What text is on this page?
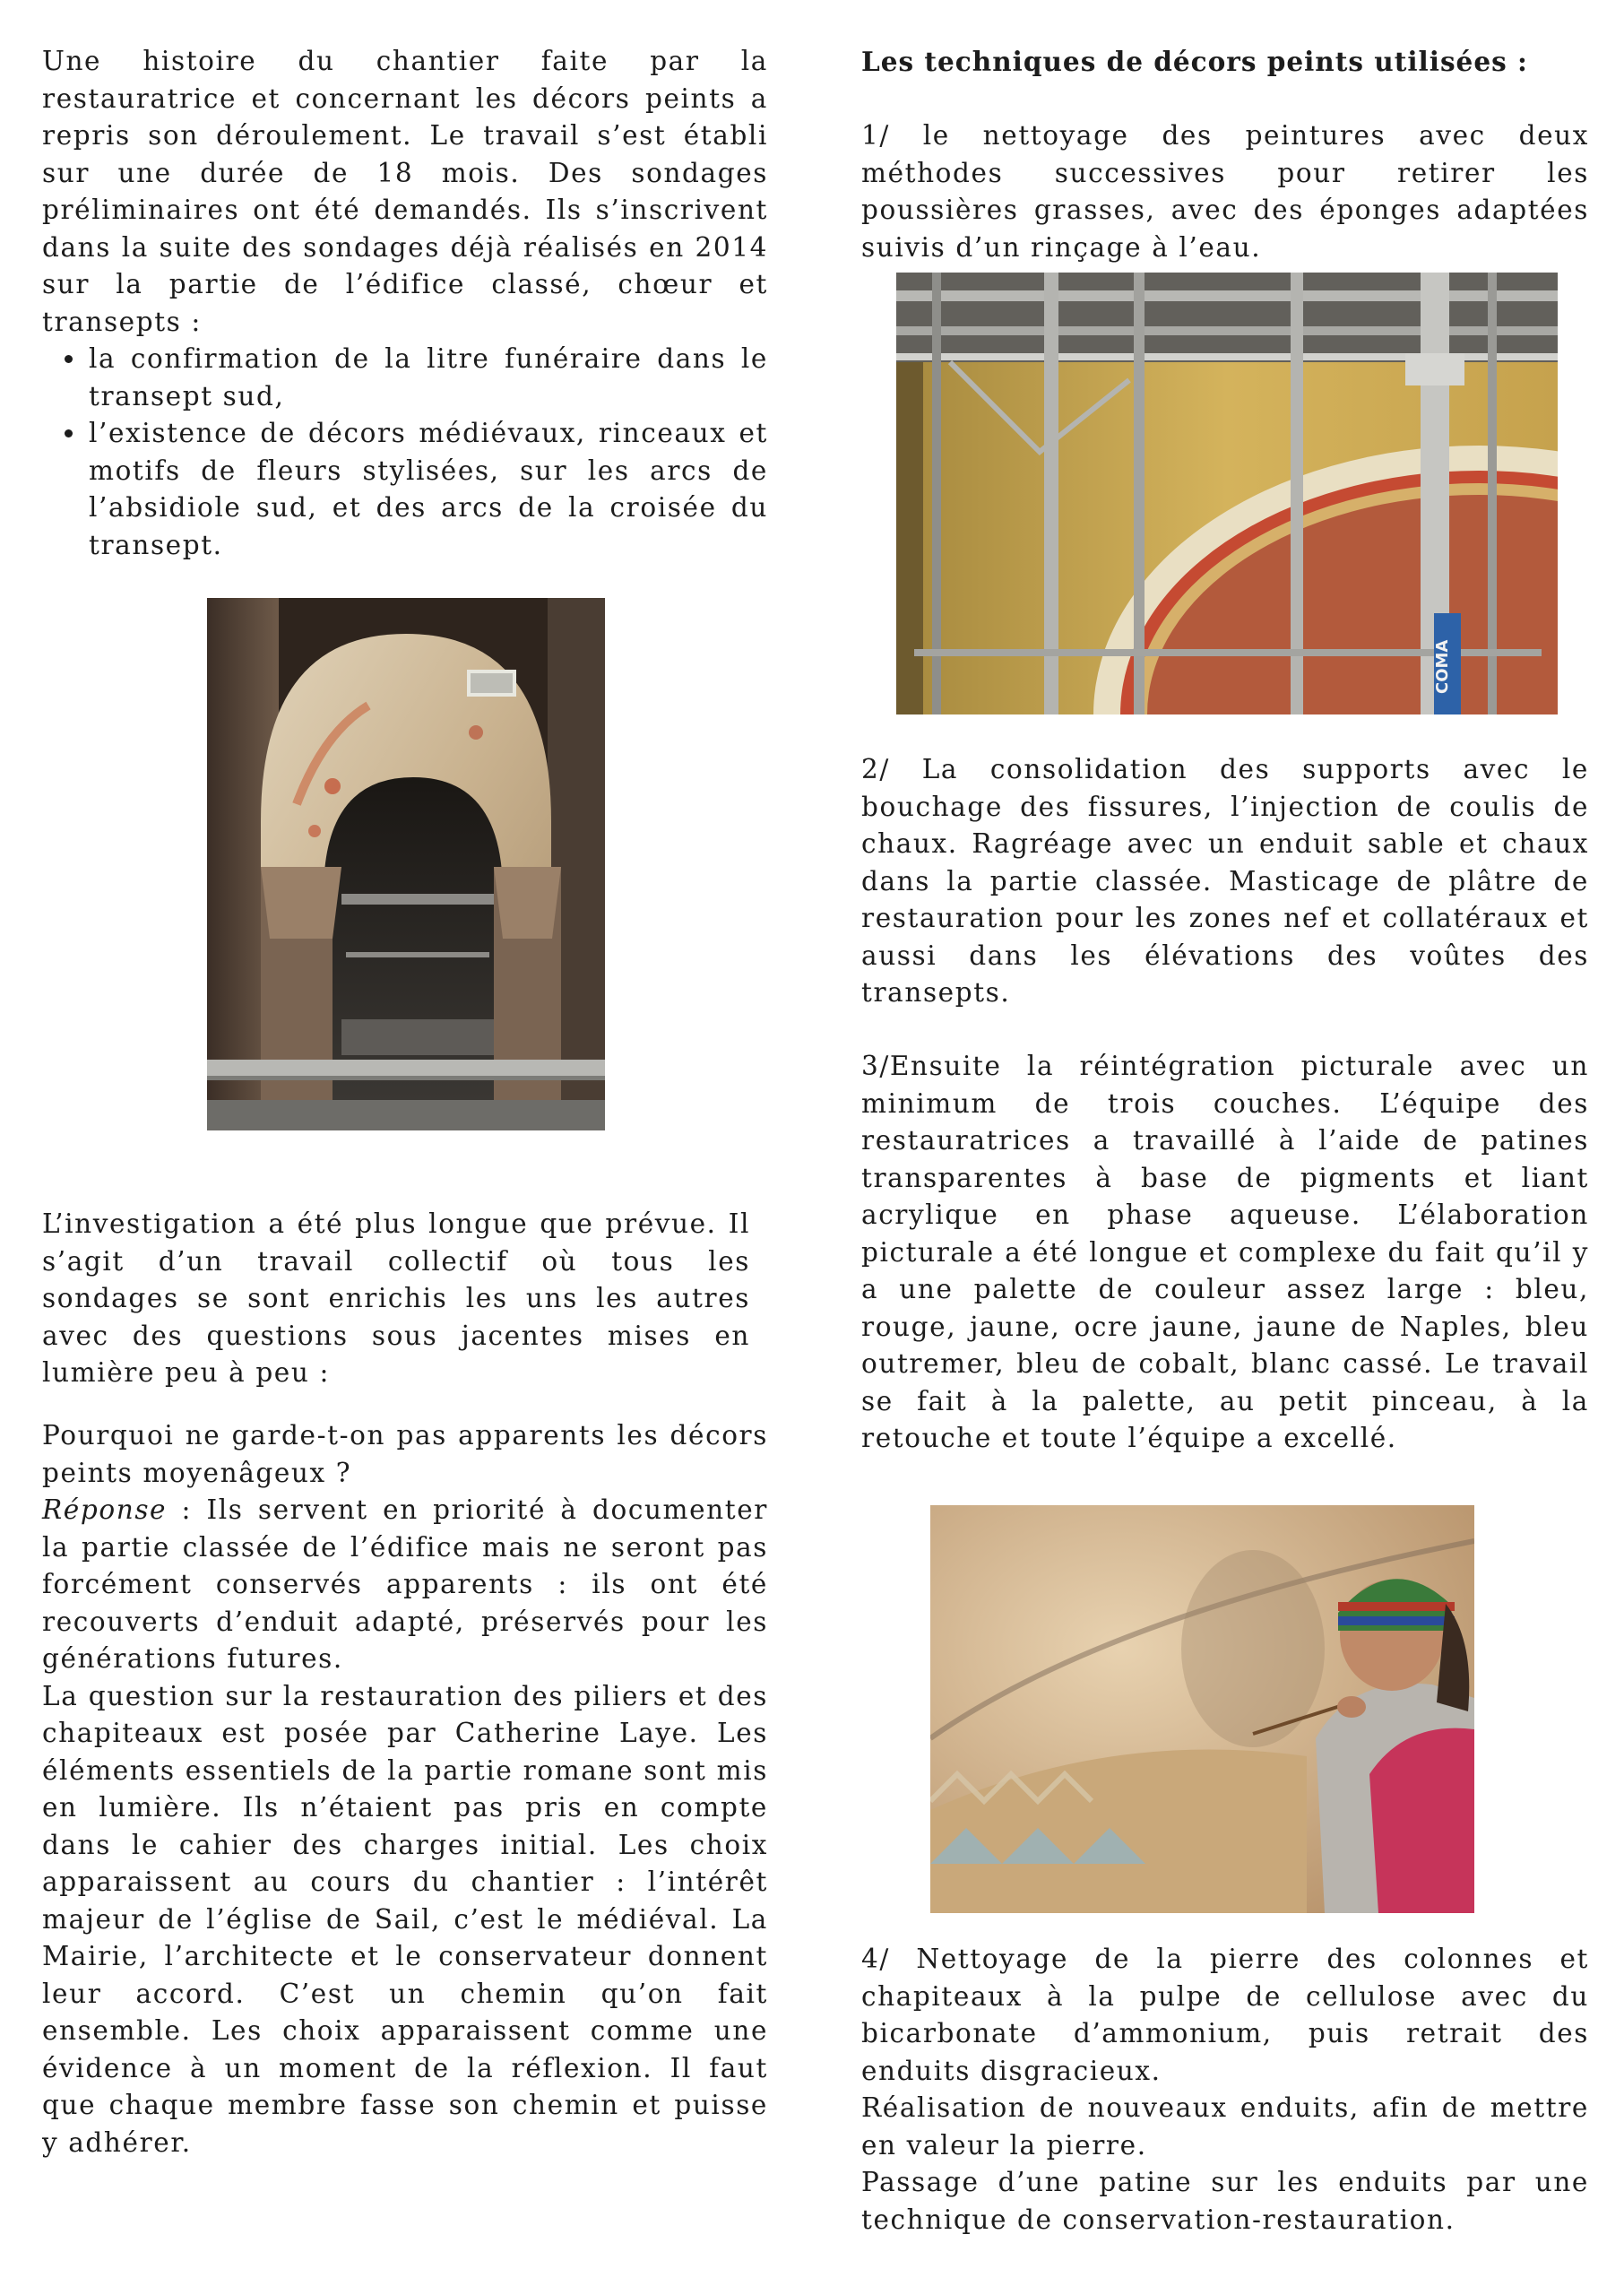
Une histoire du chantier faite par la restauratrice et concernant les décors peints a repris son déroulement. Le travail s’est établi sur une durée de 18 mois. Des sondages préliminaires ont été demandés. Ils s’inscrivent dans la suite des sondages déjà réalisés en 2014 sur la partie de l’édifice classé, chœur et transepts :

• la confirmation de la litre funéraire dans le transept sud,
• l’existence de décors médiévaux, rinceaux et motifs de fleurs stylisées, sur les arcs de l’absidiole sud, et des arcs de la croisée du transept.

L’investigation a été plus longue que prévue. Il s’agit d’un travail collectif où tous les sondages se sont enrichis les uns les autres avec des questions sous jacentes mises en lumière peu à peu :

Pourquoi ne garde-t-on pas apparents les décors peints moyenâgeux ?

Réponse : Ils servent en priorité à documenter la partie classée de l’édifice mais ne seront pas forcément conservés apparents : ils ont été recouverts d’enduit adapté, préservés pour les générations futures.

La question sur la restauration des piliers et des chapiteaux est posée par Catherine Laye. Les éléments essentiels de la partie romane sont mis en lumière. Ils n’étaient pas pris en compte dans le cahier des charges initial. Les choix apparaissent au cours du chantier : l’intérêt majeur de l’église de Sail, c’est le médiéval. La Mairie, l’architecte et le conservateur donnent leur accord. C’est un chemin qu’on fait ensemble. Les choix apparaissent comme une évidence à un moment de la réflexion. Il faut que chaque membre fasse son chemin et puisse y adhérer.

Les techniques de décors peints utilisées :

1/ le nettoyage des peintures avec deux méthodes successives pour retirer les poussières grasses, avec des éponges adaptées suivis d’un rinçage à l’eau.

2/ La consolidation des supports avec le bouchage des fissures, l’injection de coulis de chaux. Ragréage avec un enduit sable et chaux dans la partie classée. Masticage de plâtre de restauration pour les zones nef et collatéraux et aussi dans les élévations des voûtes des transepts.

3/Ensuite la réintégration picturale avec un minimum de trois couches. L’équipe des restauratrices a travaillé à l’aide de patines transparentes à base de pigments et liant acrylique en phase aqueuse. L’élaboration picturale a été longue et complexe du fait qu’il y a une palette de couleur assez large : bleu, rouge, jaune, ocre jaune, jaune de Naples, bleu outremer, bleu de cobalt, blanc cassé. Le travail se fait à la palette, au petit pinceau, à la retouche et toute l’équipe a excellé.

4/ Nettoyage de la pierre des colonnes et chapiteaux à la pulpe de cellulose avec du bicarbonate d’ammonium, puis retrait des enduits disgracieux.

Réalisation de nouveaux enduits, afin de mettre en valeur la pierre.

Passage d’une patine sur les enduits par une technique de conservation-restauration.

COMA
